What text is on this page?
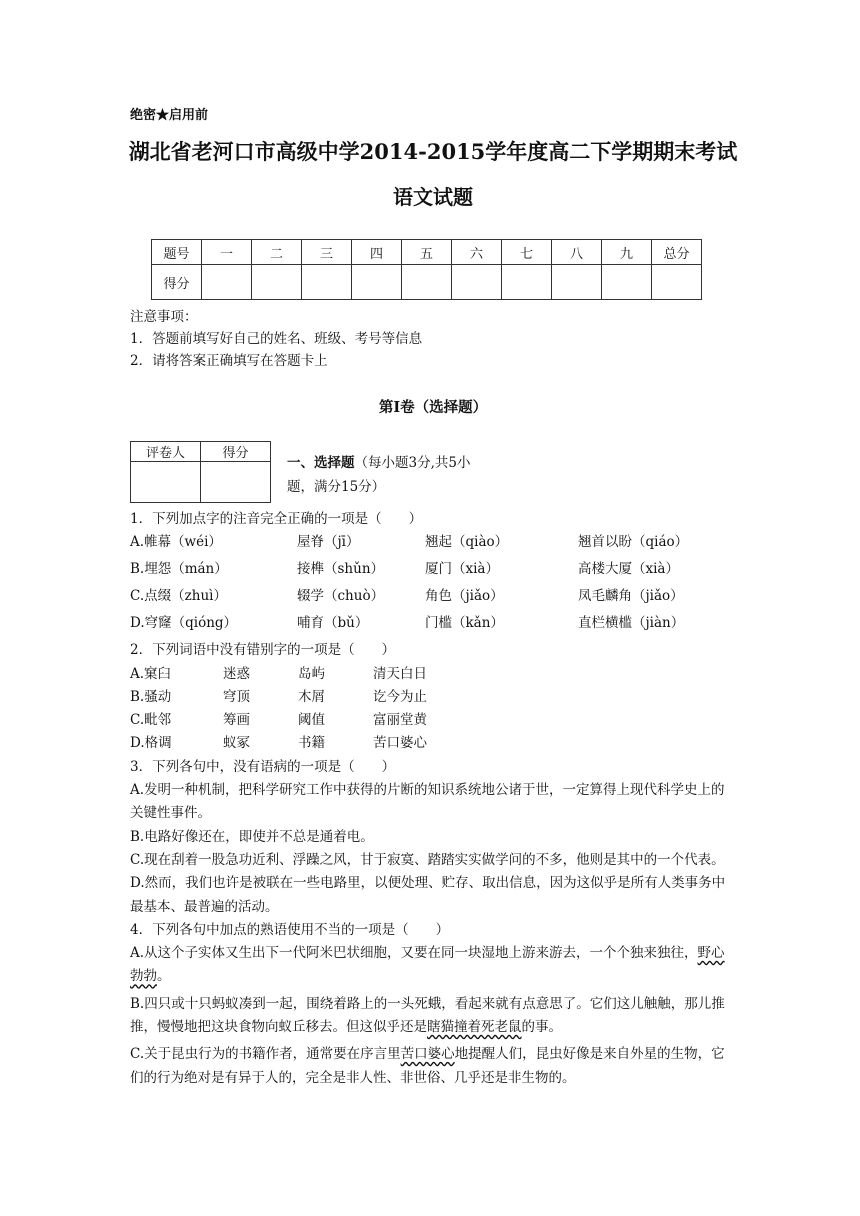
绝密★启用前
湖北省老河口市高级中学2014-2015学年度高二下学期期末考试
语文试题
题号	一	二	三	四	五	六	七	八	九	总分
得分										
注意事项：
1．答题前填写好自己的姓名、班级、考号等信息
2．请将答案正确填写在答题卡上
第I卷（选择题）
评卷人	得分

一、选择题（每小题3分,共5小
题，满分15分）
1．下列加点字的注音完全正确的一项是（　　）
A.帷幕（wéi）	屋脊（jī）	翘起（qiào）	翘首以盼（qiáo）
B.埋怨（mán）	接榫（shǔn）	厦门（xià）	高楼大厦（xià）
C.点缀（zhuì）	辍学（chuò）	角色（jiǎo）	凤毛麟角（jiǎo）
D.穹窿（qióng）	哺育（bǔ）	门槛（kǎn）	直栏横槛（jiàn）
2．下列词语中没有错别字的一项是（　　）
A.窠臼	迷惑	岛屿	清天白日
B.骚动	穹顶	木屑	讫今为止
C.毗邻	筹画	阈值	富丽堂黄
D.格调	蚁冢	书籍	苦口婆心
3．下列各句中，没有语病的一项是（　　）
A.发明一种机制，把科学研究工作中获得的片断的知识系统地公诸于世，一定算得上现代科学史上的关键性事件。
B.电路好像还在，即使并不总是通着电。
C.现在刮着一股急功近利、浮躁之风，甘于寂寞、踏踏实实做学问的不多，他则是其中的一个代表。
D.然而，我们也许是被联在一些电路里，以便处理、贮存、取出信息，因为这似乎是所有人类事务中最基本、最普遍的活动。
4．下列各句中加点的熟语使用不当的一项是（　　）
A.从这个子实体又生出下一代阿米巴状细胞，又要在同一块湿地上游来游去，一个个独来独往，野心勃勃。
B.四只或十只蚂蚁凑到一起，围绕着路上的一头死蛾，看起来就有点意思了。它们这儿触触，那儿推推，慢慢地把这块食物向蚁丘移去。但这似乎还是瞎猫撞着死老鼠的事。
C.关于昆虫行为的书籍作者，通常要在序言里苦口婆心地提醒人们，昆虫好像是来自外星的生物，它们的行为绝对是有异于人的，完全是非人性、非世俗、几乎还是非生物的。
